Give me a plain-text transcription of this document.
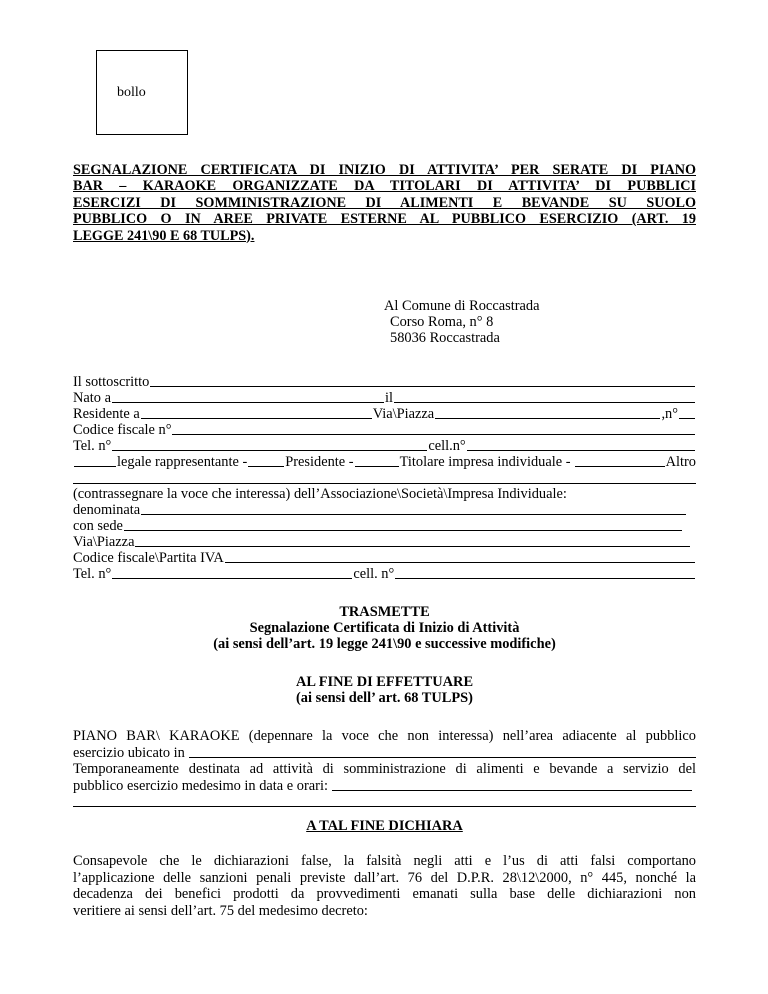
bollo
SEGNALAZIONE CERTIFICATA DI INIZIO DI ATTIVITA’ PER SERATE DI PIANO
BAR – KARAOKE ORGANIZZATE DA TITOLARI DI ATTIVITA’ DI PUBBLICI
ESERCIZI DI SOMMINISTRAZIONE DI ALIMENTI E BEVANDE SU SUOLO
PUBBLICO O IN AREE PRIVATE ESTERNE AL PUBBLICO ESERCIZIO (ART. 19
LEGGE 241\90 E 68 TULPS).
Al Comune di Roccastrada
Corso Roma, n° 8
58036 Roccastrada
Il sottoscritto
Nato a	il
Residente a	Via\Piazza	,n°
Codice fiscale n°
Tel. n°	cell.n°
legale rappresentante -	Presidente -	Titolare impresa individuale -	Altro
(contrassegnare la voce che interessa) dell’Associazione\Società\Impresa Individuale:
denominata
con sede
Via\Piazza
Codice fiscale\Partita IVA
Tel. n°	cell. n°
TRASMETTE
Segnalazione Certificata di Inizio di Attività
(ai sensi dell’art. 19 legge 241\90 e successive modifiche)
AL FINE DI EFFETTUARE
(ai sensi dell’ art. 68 TULPS)
PIANO BAR\ KARAOKE (depennare la voce che non interessa) nell’area adiacente al pubblico
esercizio ubicato in
Temporaneamente destinata ad attività di somministrazione di alimenti e bevande a servizio del
pubblico esercizio medesimo in data e orari:
A TAL FINE DICHIARA
Consapevole che le dichiarazioni false, la falsità negli atti e l’us di atti falsi comportano
l’applicazione delle sanzioni penali previste dall’art. 76 del D.P.R. 28\12\2000, n° 445, nonché la
decadenza dei benefici prodotti da provvedimenti emanati sulla base delle dichiarazioni non
veritiere ai sensi dell’art. 75 del medesimo decreto:
